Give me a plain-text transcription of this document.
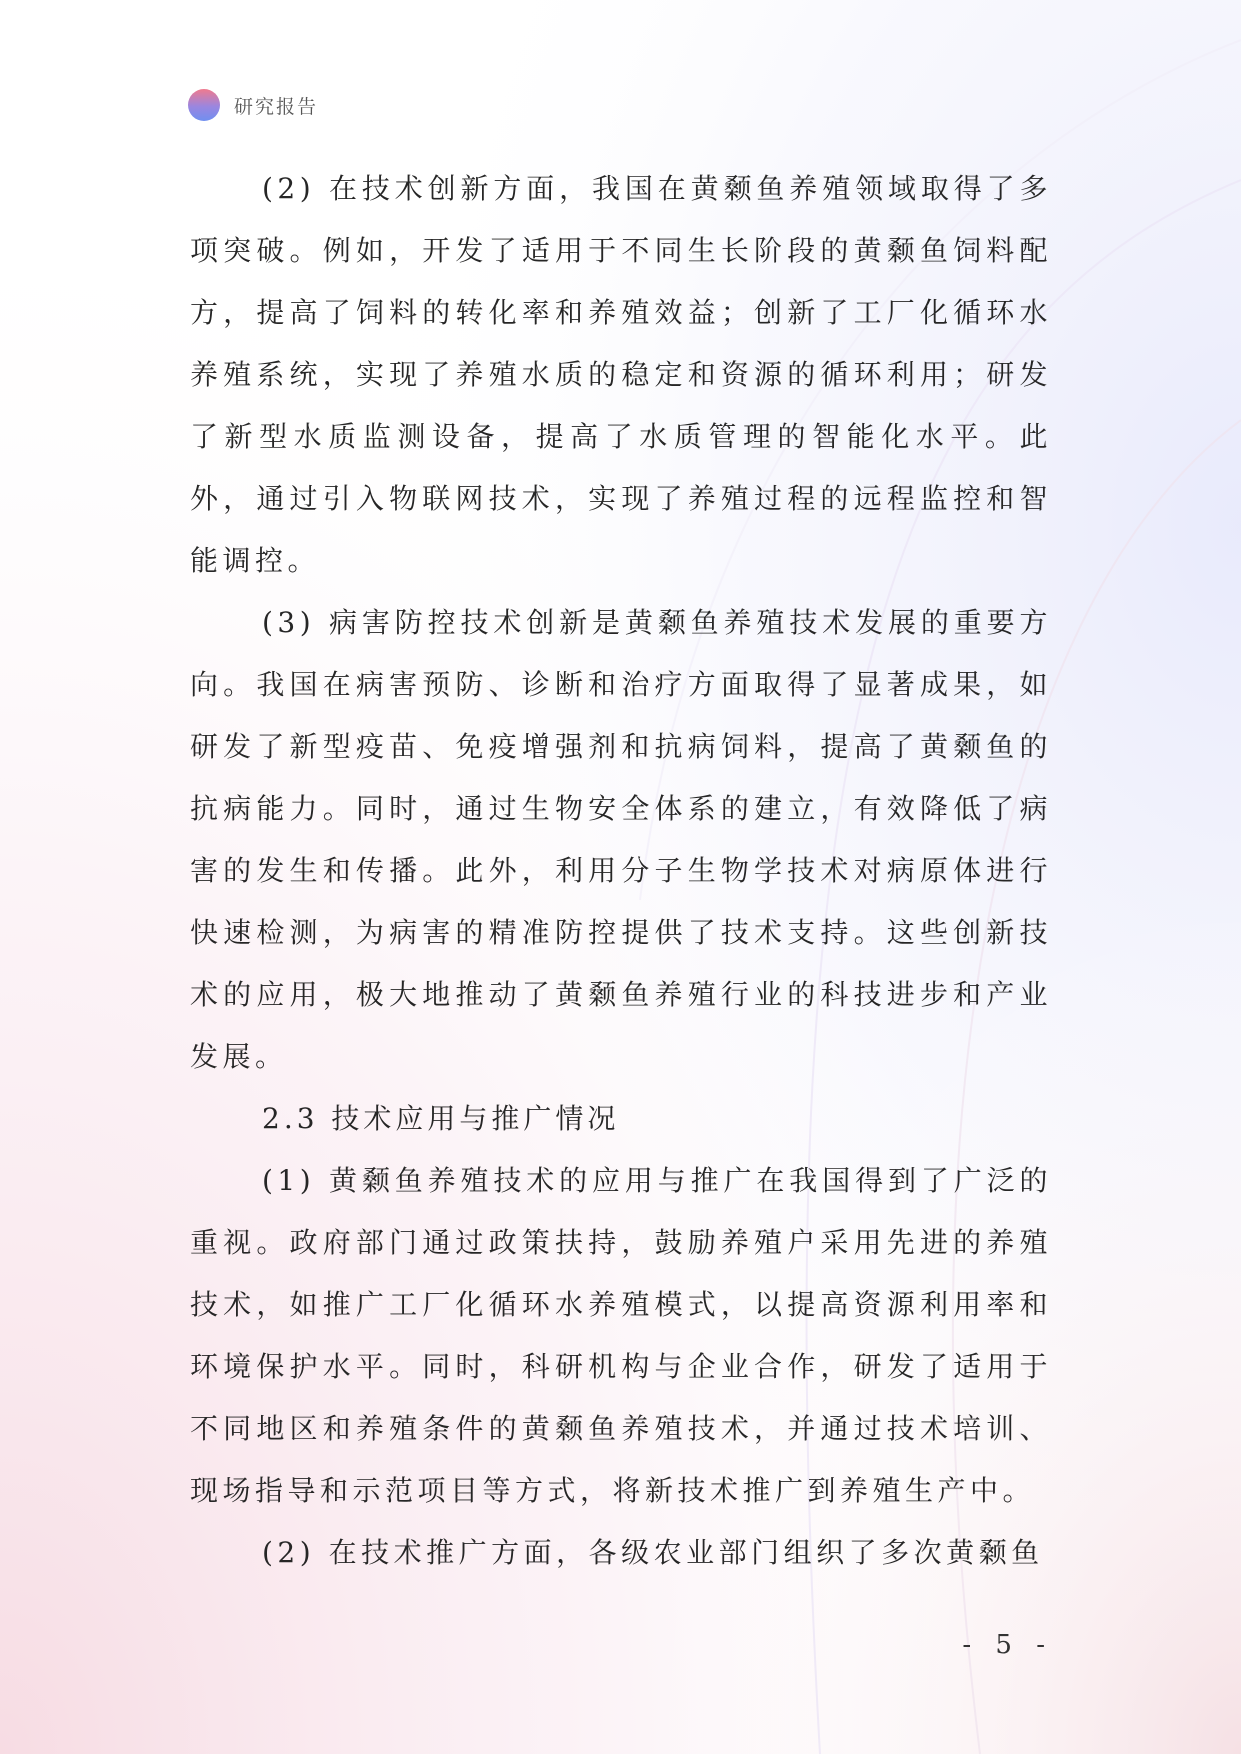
研究报告

(2) 在技术创新方面，我国在黄颡鱼养殖领域取得了多项突破。例如，开发了适用于不同生长阶段的黄颡鱼饲料配方，提高了饲料的转化率和养殖效益；创新了工厂化循环水养殖系统，实现了养殖水质的稳定和资源的循环利用；研发了新型水质监测设备，提高了水质管理的智能化水平。此外，通过引入物联网技术，实现了养殖过程的远程监控和智能调控。

(3) 病害防控技术创新是黄颡鱼养殖技术发展的重要方向。我国在病害预防、诊断和治疗方面取得了显著成果，如研发了新型疫苗、免疫增强剂和抗病饲料，提高了黄颡鱼的抗病能力。同时，通过生物安全体系的建立，有效降低了病害的发生和传播。此外，利用分子生物学技术对病原体进行快速检测，为病害的精准防控提供了技术支持。这些创新技术的应用，极大地推动了黄颡鱼养殖行业的科技进步和产业发展。

2.3 技术应用与推广情况

(1) 黄颡鱼养殖技术的应用与推广在我国得到了广泛的重视。政府部门通过政策扶持，鼓励养殖户采用先进的养殖技术，如推广工厂化循环水养殖模式，以提高资源利用率和环境保护水平。同时，科研机构与企业合作，研发了适用于不同地区和养殖条件的黄颡鱼养殖技术，并通过技术培训、现场指导和示范项目等方式，将新技术推广到养殖生产中。

(2) 在技术推广方面，各级农业部门组织了多次黄颡鱼

- 5 -
